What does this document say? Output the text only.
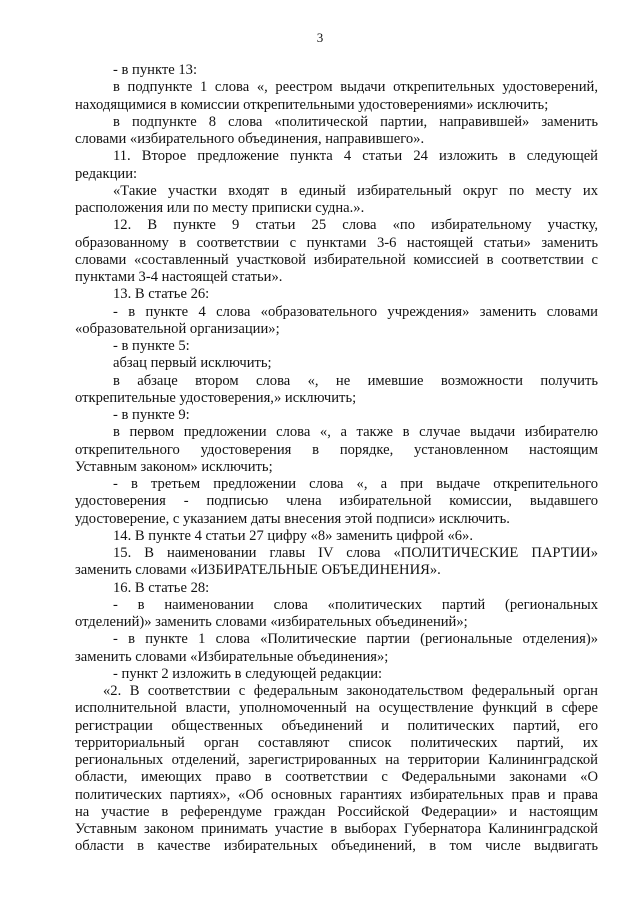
3
- в пункте 13:
в подпункте 1 слова «, реестром выдачи открепительных удостоверений,
находящимися в комиссии открепительными удостоверениями» исключить;
в подпункте 8 слова «политической партии, направившей» заменить
словами «избирательного объединения, направившего».
11. Второе предложение пункта 4 статьи 24 изложить в следующей
редакции:
«Такие участки входят в единый избирательный округ по месту их
расположения или по месту приписки судна.».
12. В пункте 9 статьи 25 слова «по избирательному участку,
образованному в соответствии с пунктами 3-6 настоящей статьи» заменить
словами «составленный участковой избирательной комиссией в соответствии с
пунктами 3-4 настоящей статьи».
13. В статье 26:
- в пункте 4 слова «образовательного учреждения» заменить словами
«образовательной организации»;
- в пункте 5:
абзац первый исключить;
в абзаце втором слова «, не имевшие возможности получить
открепительные удостоверения,» исключить;
- в пункте 9:
в первом предложении слова «, а также в случае выдачи избирателю
открепительного удостоверения в порядке, установленном настоящим
Уставным законом» исключить;
- в третьем предложении слова «, а при выдаче открепительного
удостоверения - подписью члена избирательной комиссии, выдавшего
удостоверение, с указанием даты внесения этой подписи» исключить.
14. В пункте 4 статьи 27 цифру «8» заменить цифрой «6».
15. В наименовании главы IV слова «ПОЛИТИЧЕСКИЕ ПАРТИИ»
заменить словами «ИЗБИРАТЕЛЬНЫЕ ОБЪЕДИНЕНИЯ».
16. В статье 28:
- в наименовании слова «политических партий (региональных
отделений)» заменить словами «избирательных объединений»;
- в пункте 1 слова «Политические партии (региональные отделения)»
заменить словами «Избирательные объединения»;
- пункт 2 изложить в следующей редакции:
«2. В соответствии с федеральным законодательством федеральный орган
исполнительной власти, уполномоченный на осуществление функций в сфере
регистрации общественных объединений и политических партий, его
территориальный орган составляют список политических партий, их
региональных отделений, зарегистрированных на территории Калининградской
области, имеющих право в соответствии с Федеральными законами «О
политических партиях», «Об основных гарантиях избирательных прав и права
на участие в референдуме граждан Российской Федерации» и настоящим
Уставным законом принимать участие в выборах Губернатора Калининградской
области в качестве избирательных объединений, в том числе выдвигать
